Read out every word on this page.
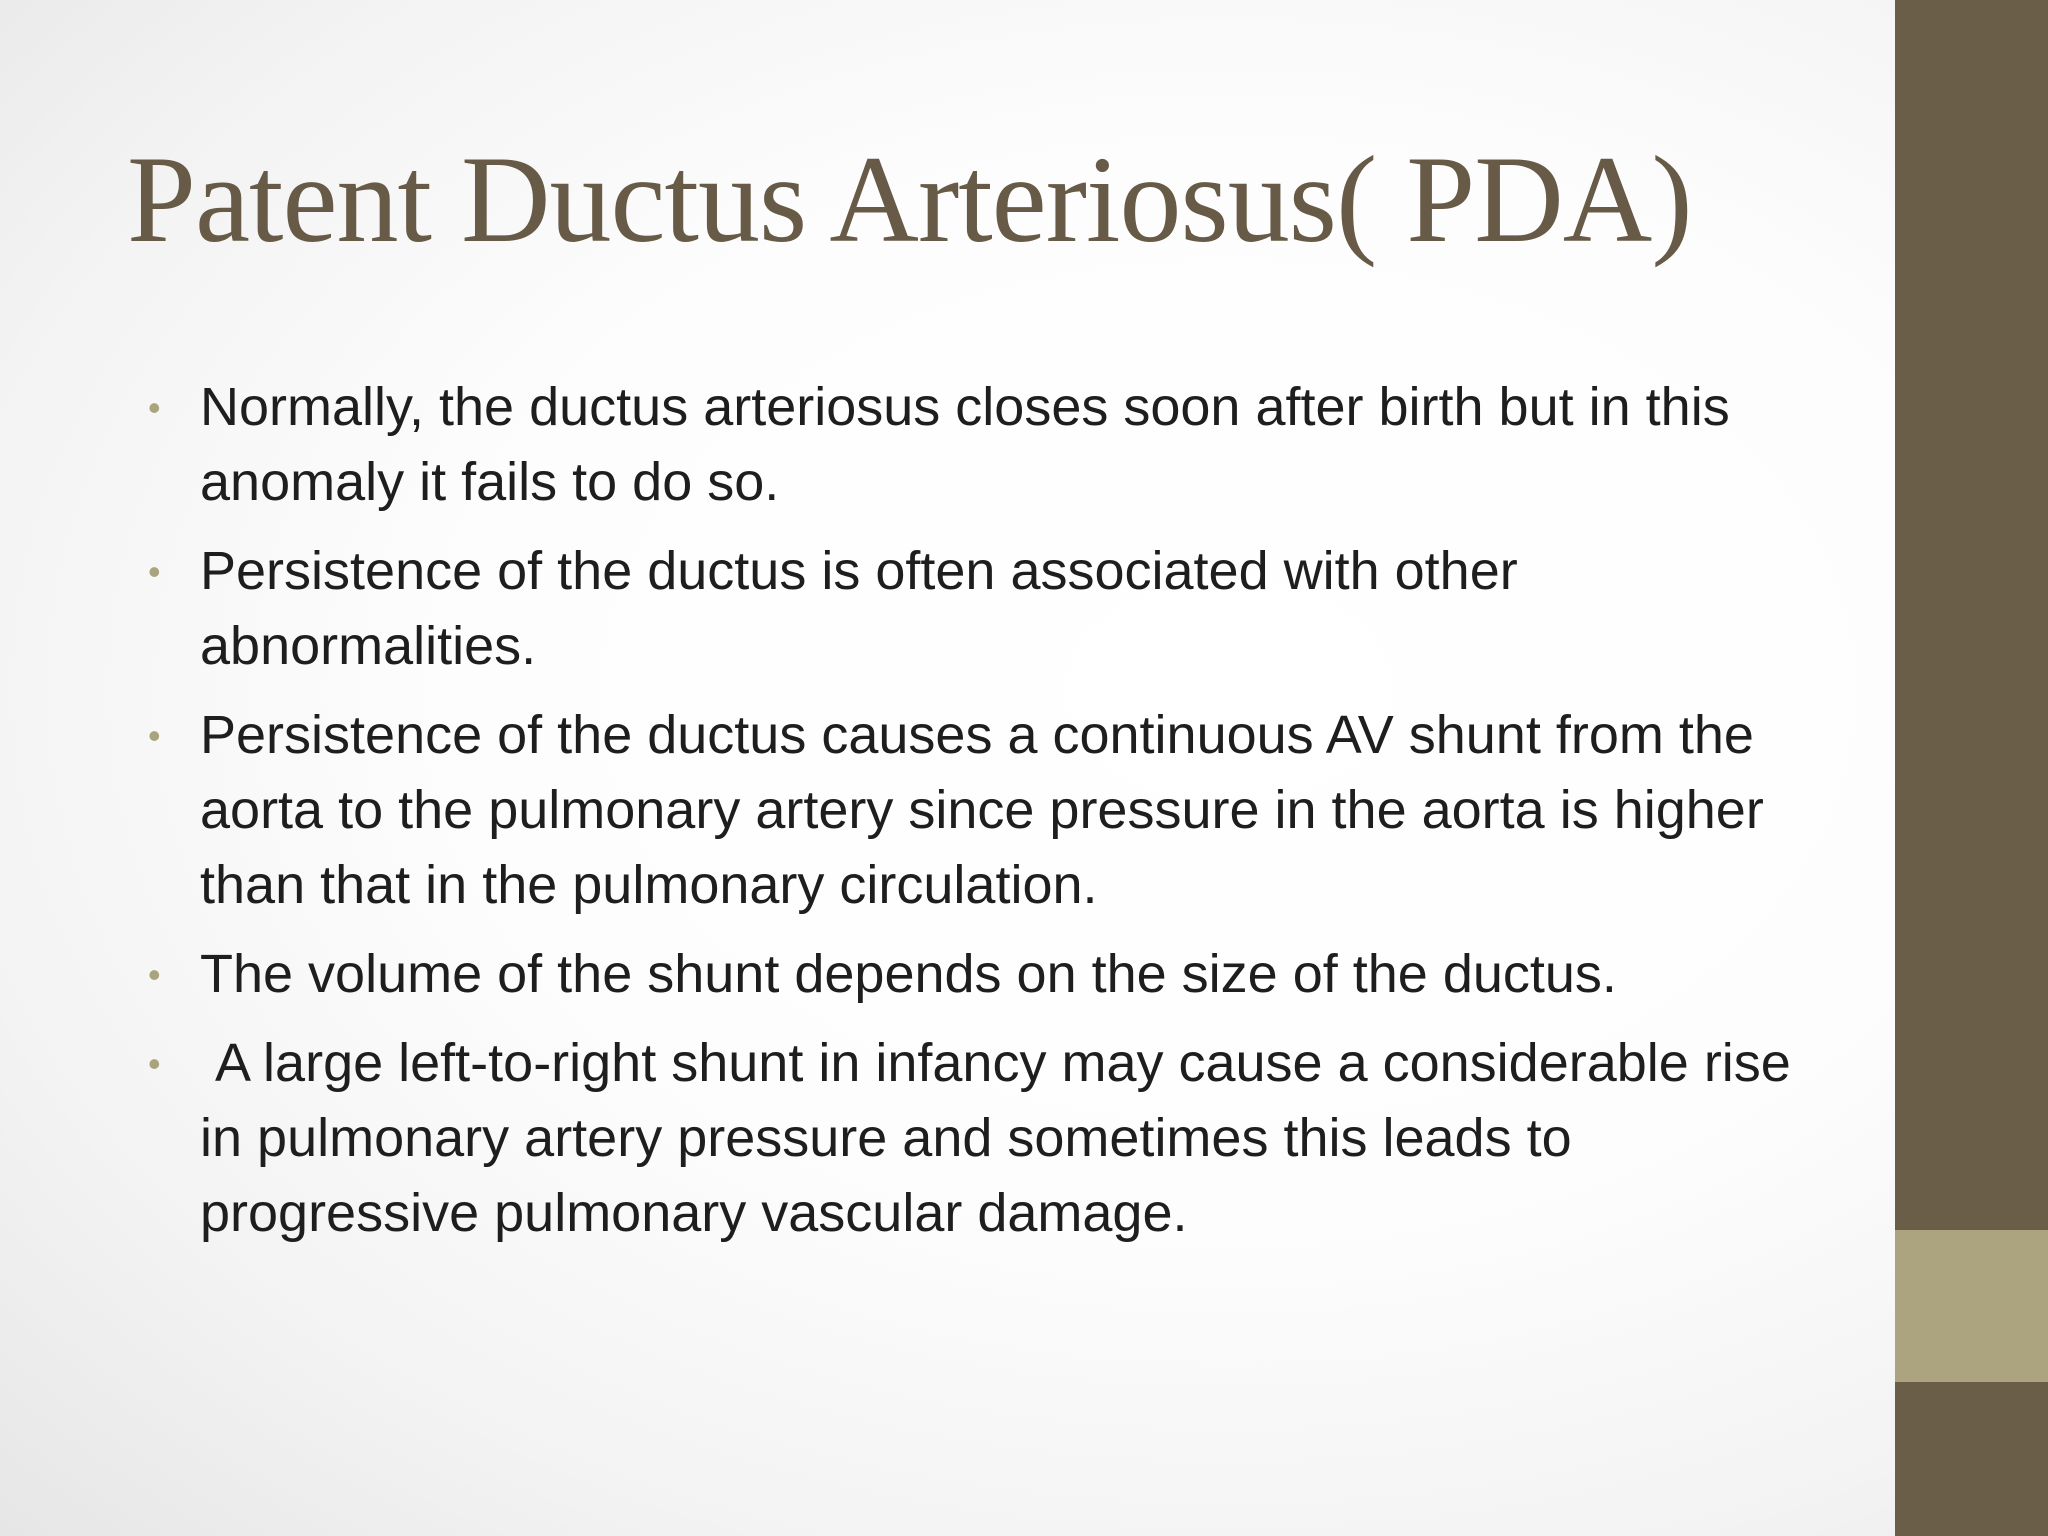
Patent Ductus Arteriosus( PDA)
• Normally, the ductus arteriosus closes soon after birth but in this anomaly it fails to do so.
• Persistence of the ductus is often associated with other abnormalities.
• Persistence of the ductus causes a continuous AV shunt from the aorta to the pulmonary artery since pressure in the aorta is higher than that in the pulmonary circulation.
• The volume of the shunt depends on the size of the ductus.
• A large left-to-right shunt in infancy may cause a considerable rise in pulmonary artery pressure and sometimes this leads to progressive pulmonary vascular damage.
